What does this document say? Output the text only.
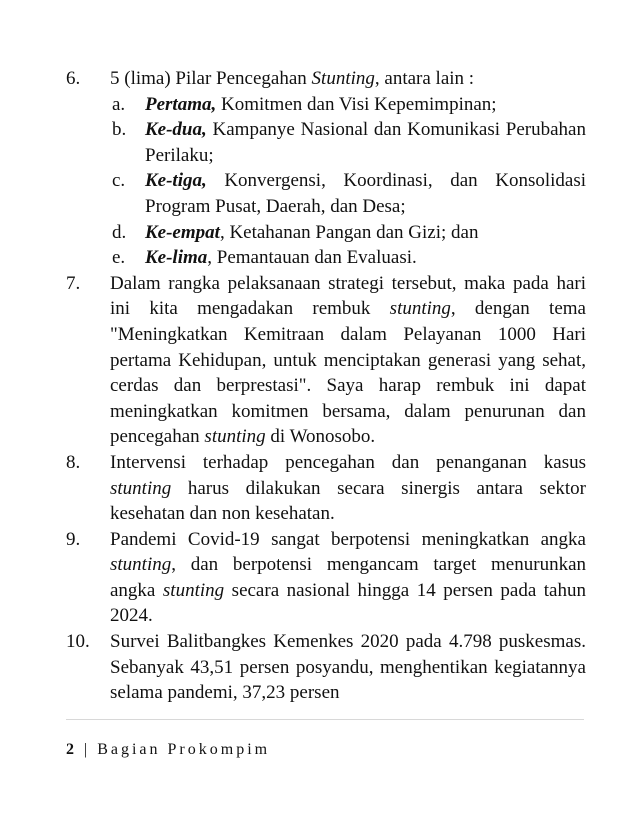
6. 5 (lima) Pilar Pencegahan Stunting, antara lain :
a. Pertama, Komitmen dan Visi Kepemimpinan;
b. Ke-dua, Kampanye Nasional dan Komunikasi Perubahan Perilaku;
c. Ke-tiga, Konvergensi, Koordinasi, dan Konsolidasi Program Pusat, Daerah, dan Desa;
d. Ke-empat, Ketahanan Pangan dan Gizi; dan
e. Ke-lima, Pemantauan dan Evaluasi.
7. Dalam rangka pelaksanaan strategi tersebut, maka pada hari ini kita mengadakan rembuk stunting, dengan tema "Meningkatkan Kemitraan dalam Pelayanan 1000 Hari pertama Kehidupan, untuk menciptakan generasi yang sehat, cerdas dan berprestasi". Saya harap rembuk ini dapat meningkatkan komitmen bersama, dalam penurunan dan pencegahan stunting di Wonosobo.
8. Intervensi terhadap pencegahan dan penanganan kasus stunting harus dilakukan secara sinergis antara sektor kesehatan dan non kesehatan.
9. Pandemi Covid-19 sangat berpotensi meningkatkan angka stunting, dan berpotensi mengancam target menurunkan angka stunting secara nasional hingga 14 persen pada tahun 2024.
10. Survei Balitbangkes Kemenkes 2020 pada 4.798 puskesmas. Sebanyak 43,51 persen posyandu, menghentikan kegiatannya selama pandemi, 37,23 persen
2 | Bagian Prokompim
